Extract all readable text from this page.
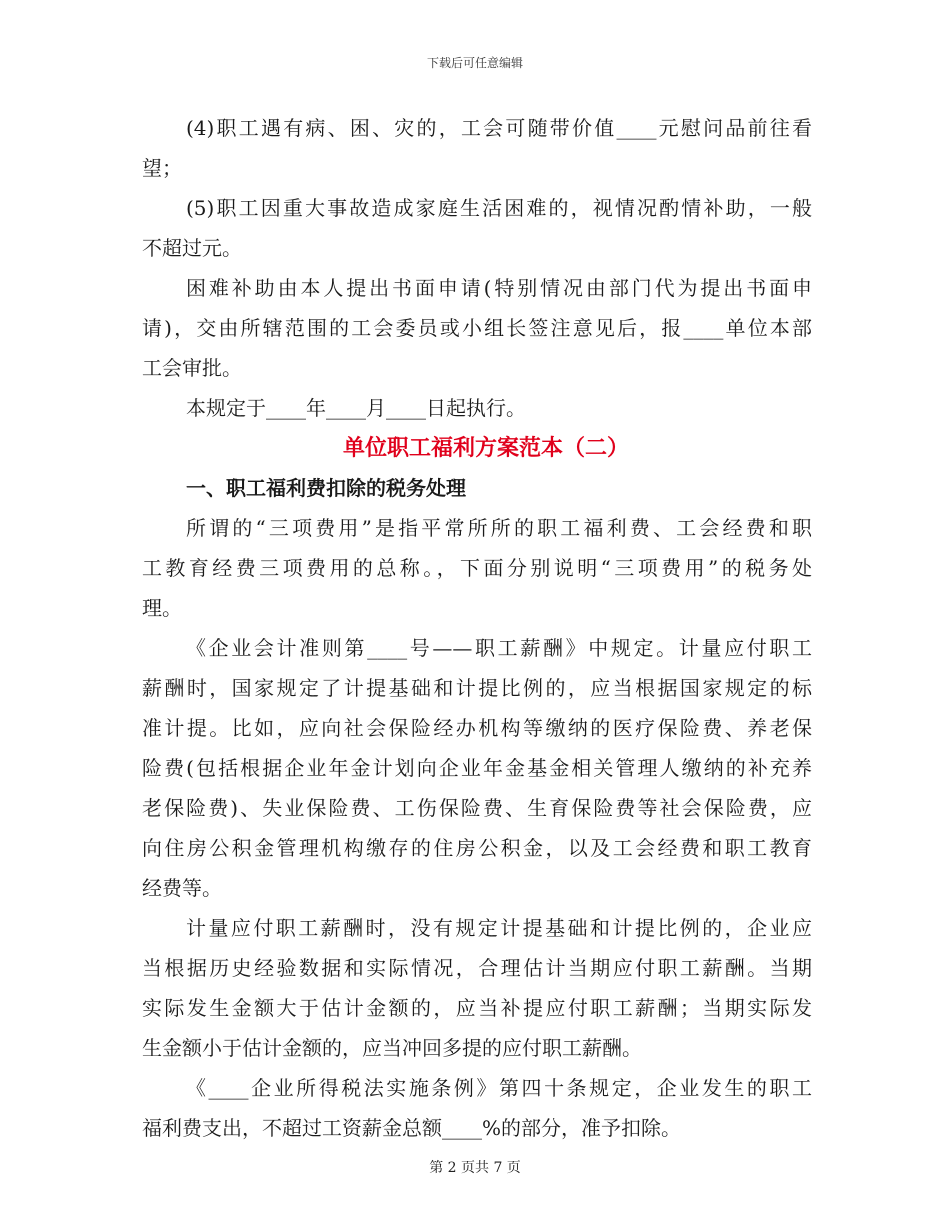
下载后可任意编辑
(4)职工遇有病、困、灾的，工会可随带价值____元慰问品前往看
望；
(5)职工因重大事故造成家庭生活困难的，视情况酌情补助，一般
不超过元。
困难补助由本人提出书面申请(特别情况由部门代为提出书面申
请)，交由所辖范围的工会委员或小组长签注意见后，报____单位本部
工会审批。
本规定于____年____月____日起执行。
单位职工福利方案范本（二）
一、职工福利费扣除的税务处理
所谓的“三项费用”是指平常所所的职工福利费、工会经费和职
工教育经费三项费用的总称。，下面分别说明“三项费用”的税务处
理。
《企业会计准则第____号——职工薪酬》中规定。计量应付职工
薪酬时，国家规定了计提基础和计提比例的，应当根据国家规定的标
准计提。比如，应向社会保险经办机构等缴纳的医疗保险费、养老保
险费(包括根据企业年金计划向企业年金基金相关管理人缴纳的补充养
老保险费)、失业保险费、工伤保险费、生育保险费等社会保险费，应
向住房公积金管理机构缴存的住房公积金，以及工会经费和职工教育
经费等。
计量应付职工薪酬时，没有规定计提基础和计提比例的，企业应
当根据历史经验数据和实际情况，合理估计当期应付职工薪酬。当期
实际发生金额大于估计金额的，应当补提应付职工薪酬；当期实际发
生金额小于估计金额的，应当冲回多提的应付职工薪酬。
《____企业所得税法实施条例》第四十条规定，企业发生的职工
福利费支出，不超过工资薪金总额____%的部分，准予扣除。
第 2 页共 7 页
